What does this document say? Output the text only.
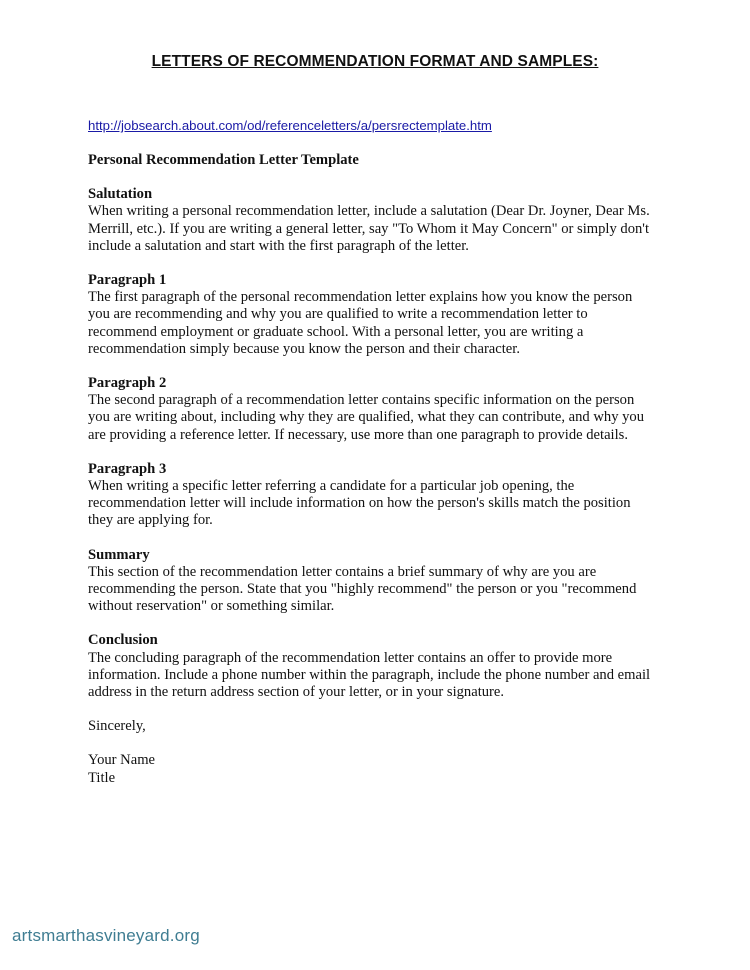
LETTERS OF RECOMMENDATION FORMAT AND SAMPLES:
http://jobsearch.about.com/od/referenceletters/a/persrectemplate.htm
Personal Recommendation Letter Template
Salutation
When writing a personal recommendation letter, include a salutation (Dear Dr. Joyner, Dear Ms.
Merrill, etc.). If you are writing a general letter, say "To Whom it May Concern" or simply don't
include a salutation and start with the first paragraph of the letter.
Paragraph 1
The first paragraph of the personal recommendation letter explains how you know the person
you are recommending and why you are qualified to write a recommendation letter to
recommend employment or graduate school. With a personal letter, you are writing a
recommendation simply because you know the person and their character.
Paragraph 2
The second paragraph of a recommendation letter contains specific information on the person
you are writing about, including why they are qualified, what they can contribute, and why you
are providing a reference letter. If necessary, use more than one paragraph to provide details.
Paragraph 3
When writing a specific letter referring a candidate for a particular job opening, the
recommendation letter will include information on how the person's skills match the position
they are applying for.
Summary
This section of the recommendation letter contains a brief summary of why are you are
recommending the person. State that you "highly recommend" the person or you "recommend
without reservation" or something similar.
Conclusion
The concluding paragraph of the recommendation letter contains an offer to provide more
information. Include a phone number within the paragraph, include the phone number and email
address in the return address section of your letter, or in your signature.
Sincerely,
Your Name
Title
artsmarthasvineyard.org
